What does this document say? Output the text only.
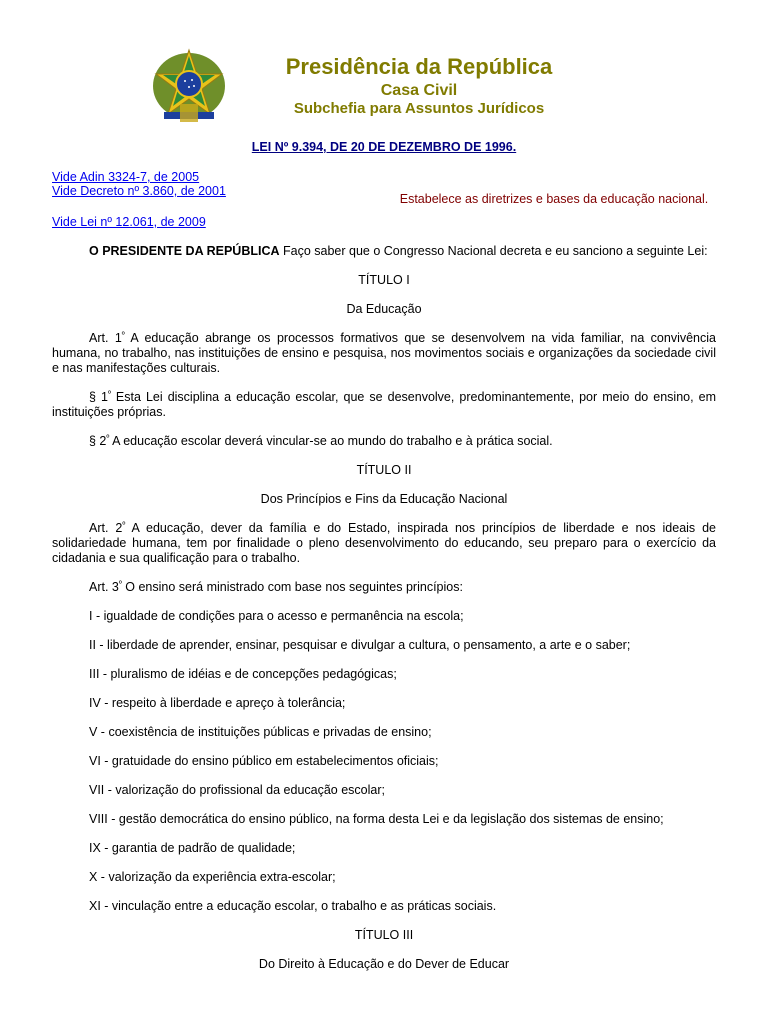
Presidência da República
Casa Civil
Subchefia para Assuntos Jurídicos
LEI Nº 9.394, DE 20 DE DEZEMBRO DE 1996.
Vide Adin 3324-7, de 2005
Vide Decreto nº 3.860, de 2001
Vide Lei nº 12.061, de 2009
Estabelece as diretrizes e bases da educação nacional.

O PRESIDENTE DA REPÚBLICA Faço saber que o Congresso Nacional decreta e eu sanciono a seguinte Lei:

TÍTULO I

Da Educação

Art. $1^º$ A educação abrange os processos formativos que se desenvolvem na vida familiar, na convivência humana, no trabalho, nas instituições de ensino e pesquisa, nos movimentos sociais e organizações da sociedade civil e nas manifestações culturais.

§ $1^º$ Esta Lei disciplina a educação escolar, que se desenvolve, predominantemente, por meio do ensino, em instituições próprias.

§ $2^º$ A educação escolar deverá vincular-se ao mundo do trabalho e à prática social.

TÍTULO II

Dos Princípios e Fins da Educação Nacional

Art. $2^º$ A educação, dever da família e do Estado, inspirada nos princípios de liberdade e nos ideais de solidariedade humana, tem por finalidade o pleno desenvolvimento do educando, seu preparo para o exercício da cidadania e sua qualificação para o trabalho.

Art. $3^º$ O ensino será ministrado com base nos seguintes princípios:

I - igualdade de condições para o acesso e permanência na escola;

II - liberdade de aprender, ensinar, pesquisar e divulgar a cultura, o pensamento, a arte e o saber;

III - pluralismo de idéias e de concepções pedagógicas;

IV - respeito à liberdade e apreço à tolerância;

V - coexistência de instituições públicas e privadas de ensino;

VI - gratuidade do ensino público em estabelecimentos oficiais;

VII - valorização do profissional da educação escolar;

VIII - gestão democrática do ensino público, na forma desta Lei e da legislação dos sistemas de ensino;

IX - garantia de padrão de qualidade;

X - valorização da experiência extra-escolar;

XI - vinculação entre a educação escolar, o trabalho e as práticas sociais.

TÍTULO III

Do Direito à Educação e do Dever de Educar
